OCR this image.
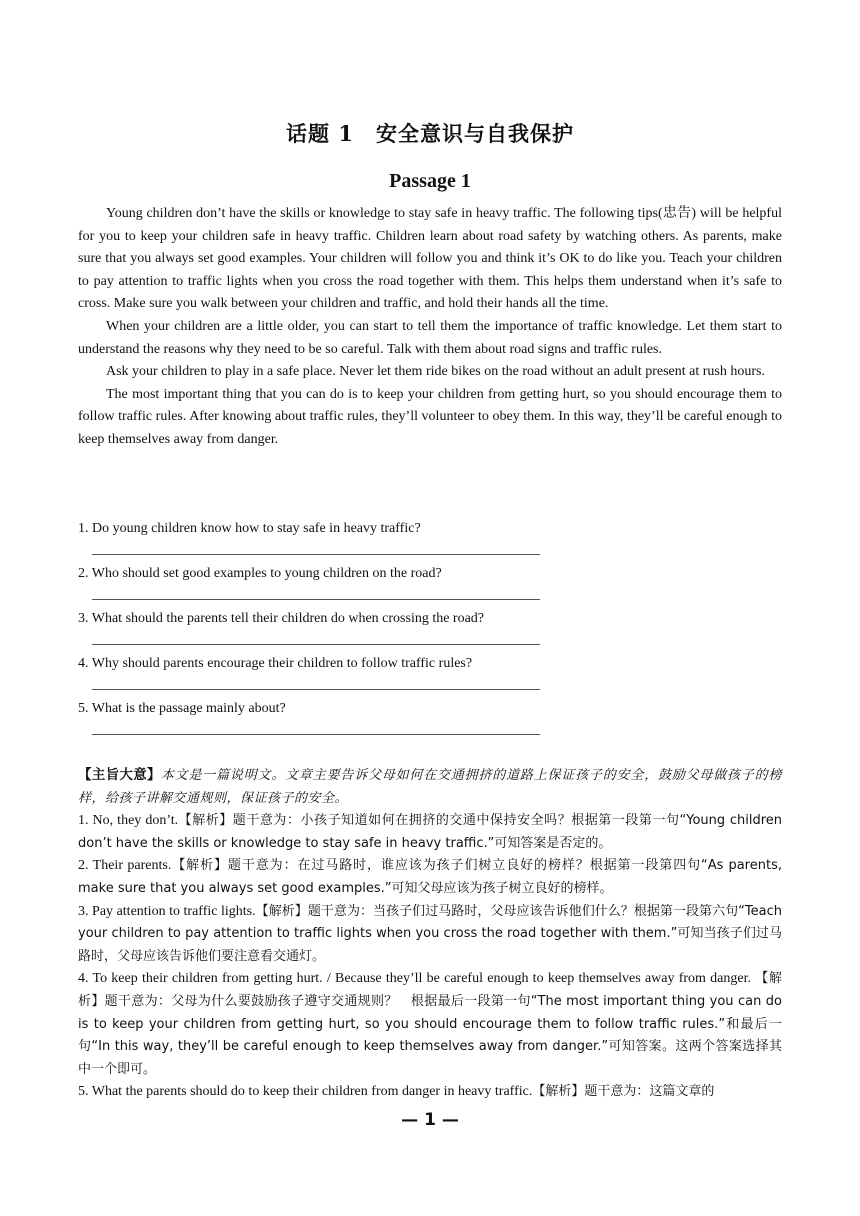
话题 1　安全意识与自我保护
Passage 1

Young children don’t have the skills or knowledge to stay safe in heavy traffic. The following tips(忠告) will be helpful for you to keep your children safe in heavy traffic. Children learn about road safety by watching others. As parents, make sure that you always set good examples. Your children will follow you and think it’s OK to do like you. Teach your children to pay attention to traffic lights when you cross the road together with them. This helps them understand when it’s safe to cross. Make sure you walk between your children and traffic, and hold their hands all the time.

When your children are a little older, you can start to tell them the importance of traffic knowledge. Let them start to understand the reasons why they need to be so careful. Talk with them about road signs and traffic rules.

Ask your children to play in a safe place. Never let them ride bikes on the road without an adult present at rush hours.

The most important thing that you can do is to keep your children from getting hurt, so you should encourage them to follow traffic rules. After knowing about traffic rules, they’ll volunteer to obey them. In this way, they’ll be careful enough to keep themselves away from danger.

1. Do young children know how to stay safe in heavy traffic?
2. Who should set good examples to young children on the road?
3. What should the parents tell their children do when crossing the road?
4. Why should parents encourage their children to follow traffic rules?
5. What is the passage mainly about?

【主旨大意】本文是一篇说明文。文章主要告诉父母如何在交通拥挤的道路上保证孩子的安全，鼓励父母做孩子的榜样，给孩子讲解交通规则，保证孩子的安全。

1. No, they don’t.【解析】题干意为：小孩子知道如何在拥挤的交通中保持安全吗？根据第一段第一句“Young children don’t have the skills or knowledge to stay safe in heavy traffic.”可知答案是否定的。

2. Their parents.【解析】题干意为：在过马路时，谁应该为孩子们树立良好的榜样？根据第一段第四句“As parents, make sure that you always set good examples.”可知父母应该为孩子树立良好的榜样。

3. Pay attention to traffic lights.【解析】题干意为：当孩子们过马路时，父母应该告诉他们什么？根据第一段第六句“Teach your children to pay attention to traffic lights when you cross the road together with them.”可知当孩子们过马路时，父母应该告诉他们要注意看交通灯。

4. To keep their children from getting hurt. / Because they’ll be careful enough to keep themselves away from danger. 【解析】题干意为：父母为什么要鼓励孩子遵守交通规则？　根据最后一段第一句“The most important thing you can do is to keep your children from getting hurt, so you should encourage them to follow traffic rules.”和最后一句“In this way, they’ll be careful enough to keep themselves away from danger.”可知答案。这两个答案选择其中一个即可。

5. What the parents should do to keep their children from danger in heavy traffic.【解析】题干意为：这篇文章的

— 1 —
